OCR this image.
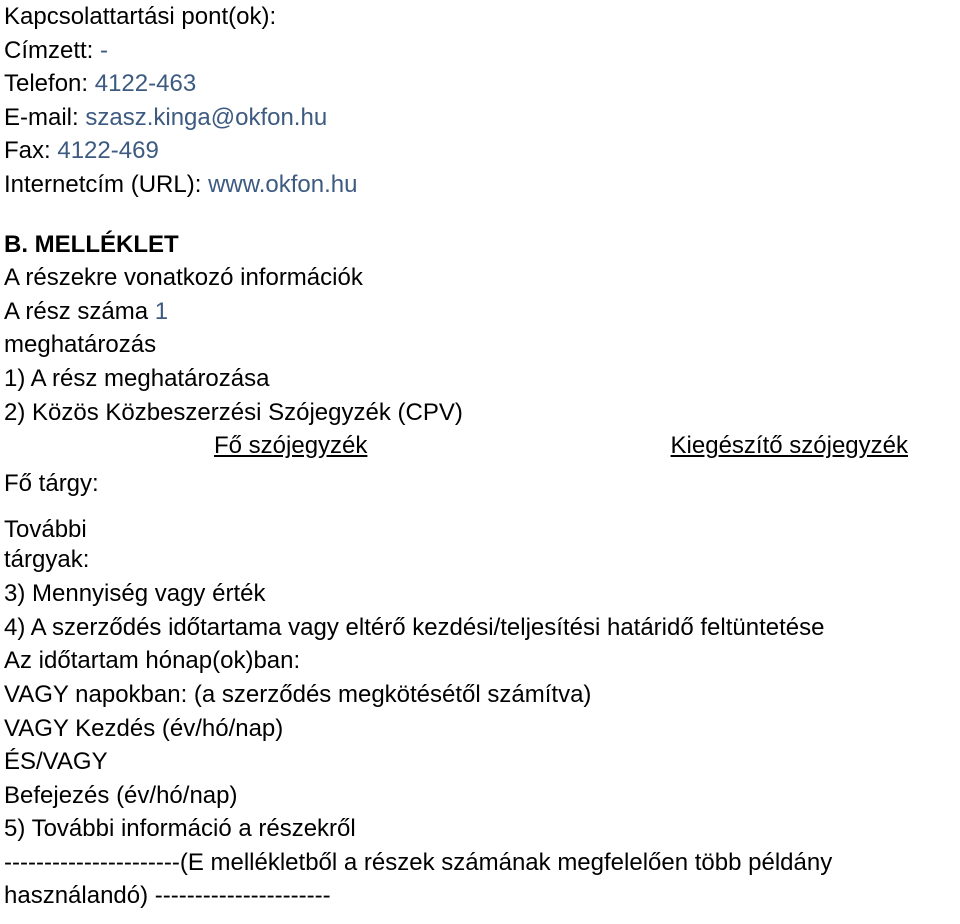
Kapcsolattartási pont(ok):
Címzett: -
Telefon: 4122-463
E-mail: szasz.kinga@okfon.hu
Fax: 4122-469
Internetcím (URL): www.okfon.hu
B. MELLÉKLET
A részekre vonatkozó információk
A rész száma 1
meghatározás
1) A rész meghatározása
2) Közös Közbeszerzési Szójegyzék (CPV)
Fő szójegyzék	Kiegészítő szójegyzék
Fő tárgy:
További tárgyak:
3) Mennyiség vagy érték
4) A szerződés időtartama vagy eltérő kezdési/teljesítési határidő feltüntetése
Az időtartam hónap(ok)ban:
VAGY napokban: (a szerződés megkötésétől számítva)
VAGY Kezdés (év/hó/nap)
ÉS/VAGY
Befejezés (év/hó/nap)
5) További információ a részekről
----------------------(E mellékletből a részek számának megfelelően több példány használandó) ----------------------
